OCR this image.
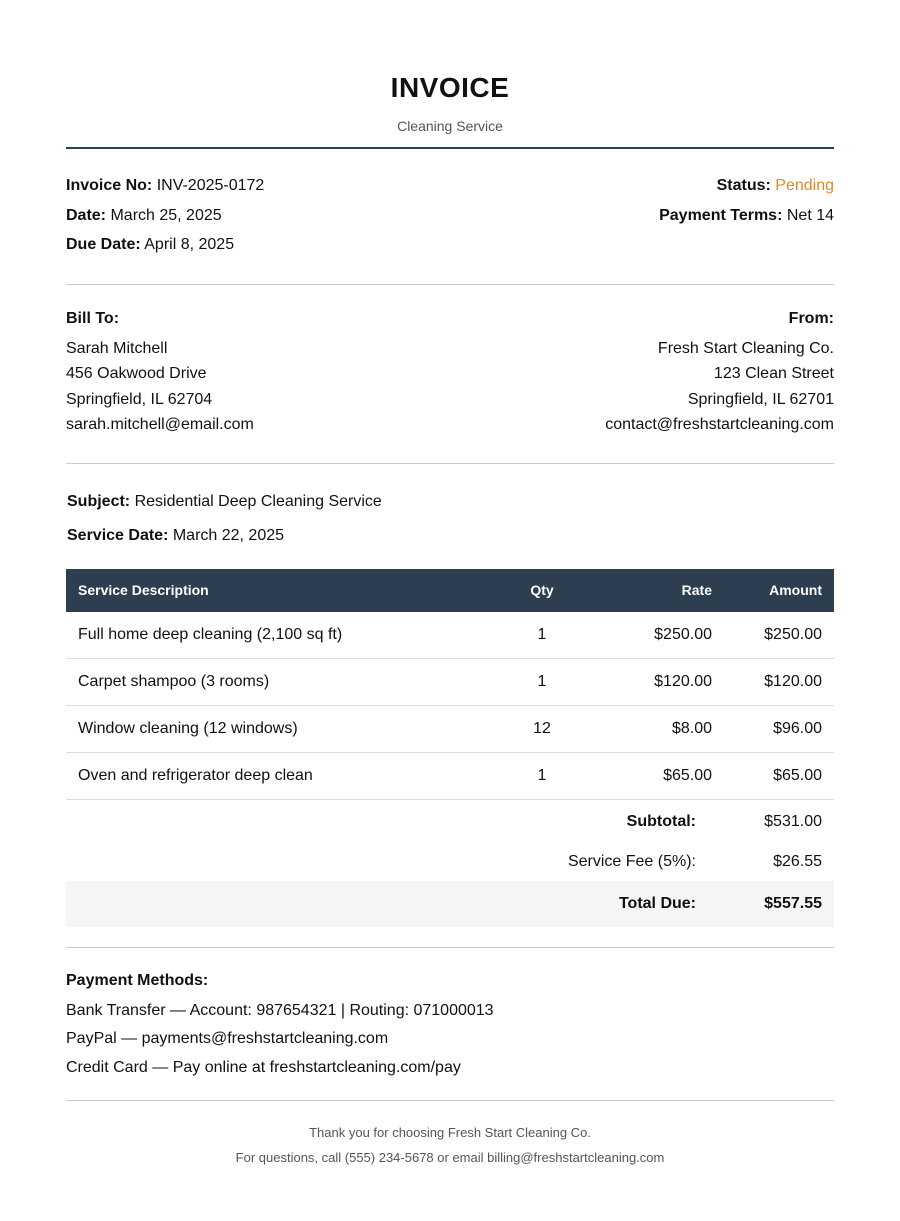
INVOICE
Cleaning Service
Invoice No: INV-2025-0172
Date: March 25, 2025
Due Date: April 8, 2025
Status: Pending
Payment Terms: Net 14
Bill To:
Sarah Mitchell
456 Oakwood Drive
Springfield, IL 62704
sarah.mitchell@email.com
From:
Fresh Start Cleaning Co.
123 Clean Street
Springfield, IL 62701
contact@freshstartcleaning.com
Subject: Residential Deep Cleaning Service
Service Date: March 22, 2025
Service Description	Qty	Rate	Amount
Full home deep cleaning (2,100 sq ft)	1	$250.00	$250.00
Carpet shampoo (3 rooms)	1	$120.00	$120.00
Window cleaning (12 windows)	12	$8.00	$96.00
Oven and refrigerator deep clean	1	$65.00	$65.00
Subtotal:	$531.00
Service Fee (5%):	$26.55
Total Due:	$557.55
Payment Methods:
Bank Transfer — Account: 987654321 | Routing: 071000013
PayPal — payments@freshstartcleaning.com
Credit Card — Pay online at freshstartcleaning.com/pay
Thank you for choosing Fresh Start Cleaning Co.
For questions, call (555) 234-5678 or email billing@freshstartcleaning.com
